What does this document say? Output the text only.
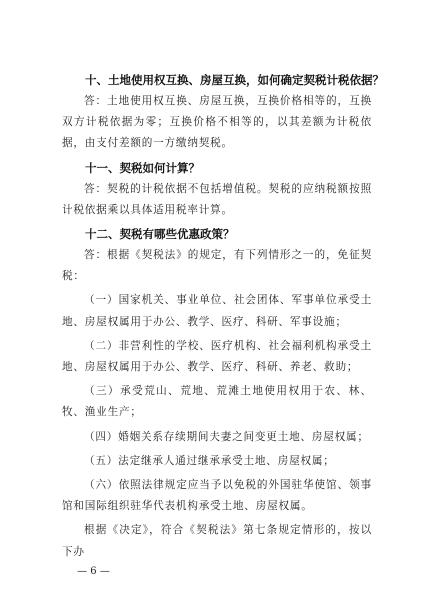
十、土地使用权互换、房屋互换，如何确定契税计税依据？

答：土地使用权互换、房屋互换，互换价格相等的，互换双方计税依据为零；互换价格不相等的，以其差额为计税依据，由支付差额的一方缴纳契税。

十一、契税如何计算？

答：契税的计税依据不包括增值税。契税的应纳税额按照计税依据乘以具体适用税率计算。

十二、契税有哪些优惠政策？

答：根据《契税法》的规定，有下列情形之一的，免征契税：

（一）国家机关、事业单位、社会团体、军事单位承受土地、房屋权属用于办公、教学、医疗、科研、军事设施；

（二）非营利性的学校、医疗机构、社会福利机构承受土地、房屋权属用于办公、教学、医疗、科研、养老、救助；

（三）承受荒山、荒地、荒滩土地使用权用于农、林、牧、渔业生产；

（四）婚姻关系存续期间夫妻之间变更土地、房屋权属；

（五）法定继承人通过继承承受土地、房屋权属；

（六）依照法律规定应当予以免税的外国驻华使馆、领事馆和国际组织驻华代表机构承受土地、房屋权属。

根据《决定》，符合《契税法》第七条规定情形的，按以下办

— 6 —
